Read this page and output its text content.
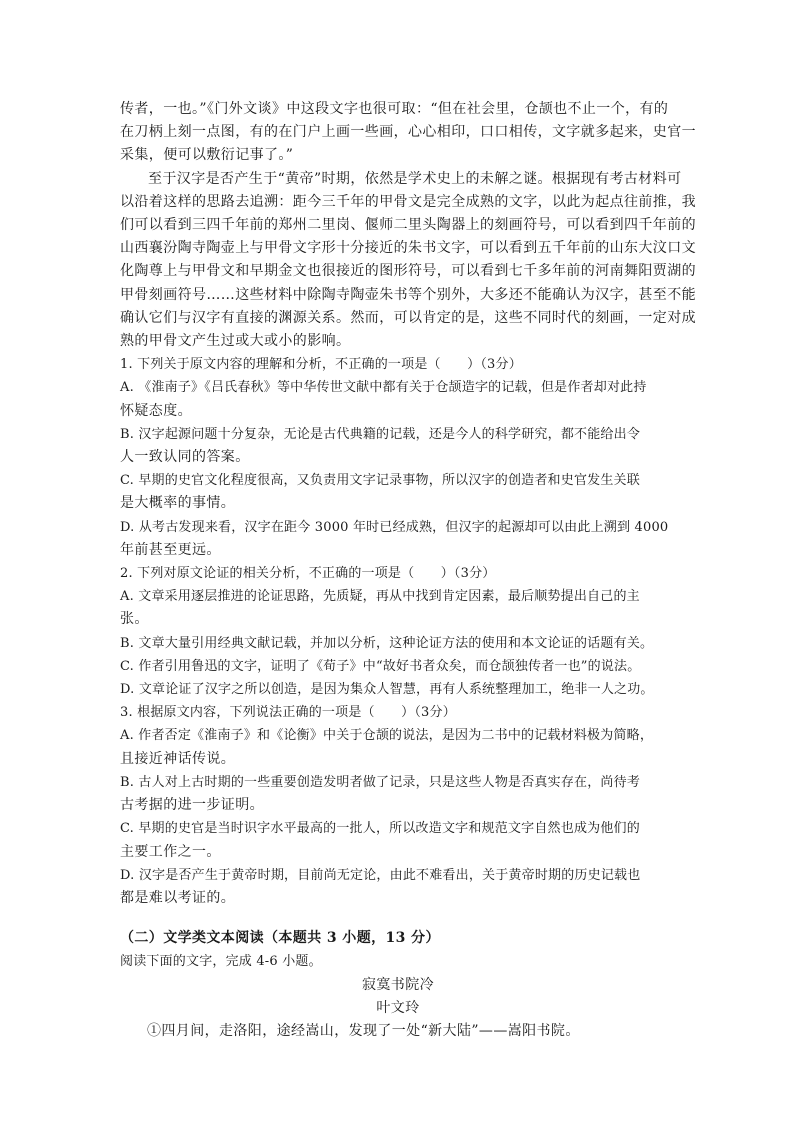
传者，一也。”《门外文谈》中这段文字也很可取：“但在社会里，仓颉也不止一个，有的
在刀柄上刻一点图，有的在门户上画一些画，心心相印，口口相传，文字就多起来，史官一
采集，便可以敷衍记事了。”
至于汉字是否产生于“黄帝”时期，依然是学术史上的未解之谜。根据现有考古材料可
以沿着这样的思路去追溯：距今三千年的甲骨文是完全成熟的文字，以此为起点往前推，我
们可以看到三四千年前的郑州二里岗、偃师二里头陶器上的刻画符号，可以看到四千年前的
山西襄汾陶寺陶壶上与甲骨文字形十分接近的朱书文字，可以看到五千年前的山东大汶口文
化陶尊上与甲骨文和早期金文也很接近的图形符号，可以看到七千多年前的河南舞阳贾湖的
甲骨刻画符号……这些材料中除陶寺陶壶朱书等个别外，大多还不能确认为汉字，甚至不能
确认它们与汉字有直接的渊源关系。然而，可以肯定的是，这些不同时代的刻画，一定对成
熟的甲骨文产生过或大或小的影响。
1. 下列关于原文内容的理解和分析，不正确的一项是（　　）（3分）
A. 《淮南子》《吕氏春秋》等中华传世文献中都有关于仓颉造字的记载，但是作者却对此持
怀疑态度。
B. 汉字起源问题十分复杂，无论是古代典籍的记载，还是今人的科学研究，都不能给出令
人一致认同的答案。
C. 早期的史官文化程度很高，又负责用文字记录事物，所以汉字的创造者和史官发生关联
是大概率的事情。
D. 从考古发现来看，汉字在距今 3000 年时已经成熟，但汉字的起源却可以由此上溯到 4000
年前甚至更远。
2. 下列对原文论证的相关分析，不正确的一项是（　　）（3分）
A. 文章采用逐层推进的论证思路，先质疑，再从中找到肯定因素，最后顺势提出自己的主
张。
B. 文章大量引用经典文献记载，并加以分析，这种论证方法的使用和本文论证的话题有关。
C. 作者引用鲁迅的文字，证明了《荀子》中“故好书者众矣，而仓颉独传者一也”的说法。
D. 文章论证了汉字之所以创造，是因为集众人智慧，再有人系统整理加工，绝非一人之功。
3. 根据原文内容，下列说法正确的一项是（　　）（3分）
A. 作者否定《淮南子》和《论衡》中关于仓颉的说法，是因为二书中的记载材料极为简略，
且接近神话传说。
B. 古人对上古时期的一些重要创造发明者做了记录，只是这些人物是否真实存在，尚待考
古考据的进一步证明。
C. 早期的史官是当时识字水平最高的一批人，所以改造文字和规范文字自然也成为他们的
主要工作之一。
D. 汉字是否产生于黄帝时期，目前尚无定论，由此不难看出，关于黄帝时期的历史记载也
都是难以考证的。
（二）文学类文本阅读（本题共 3 小题，13 分）
阅读下面的文字，完成 4-6 小题。
寂寞书院冷
叶文玲
①四月间，走洛阳，途经嵩山，发现了一处“新大陆”——嵩阳书院。
